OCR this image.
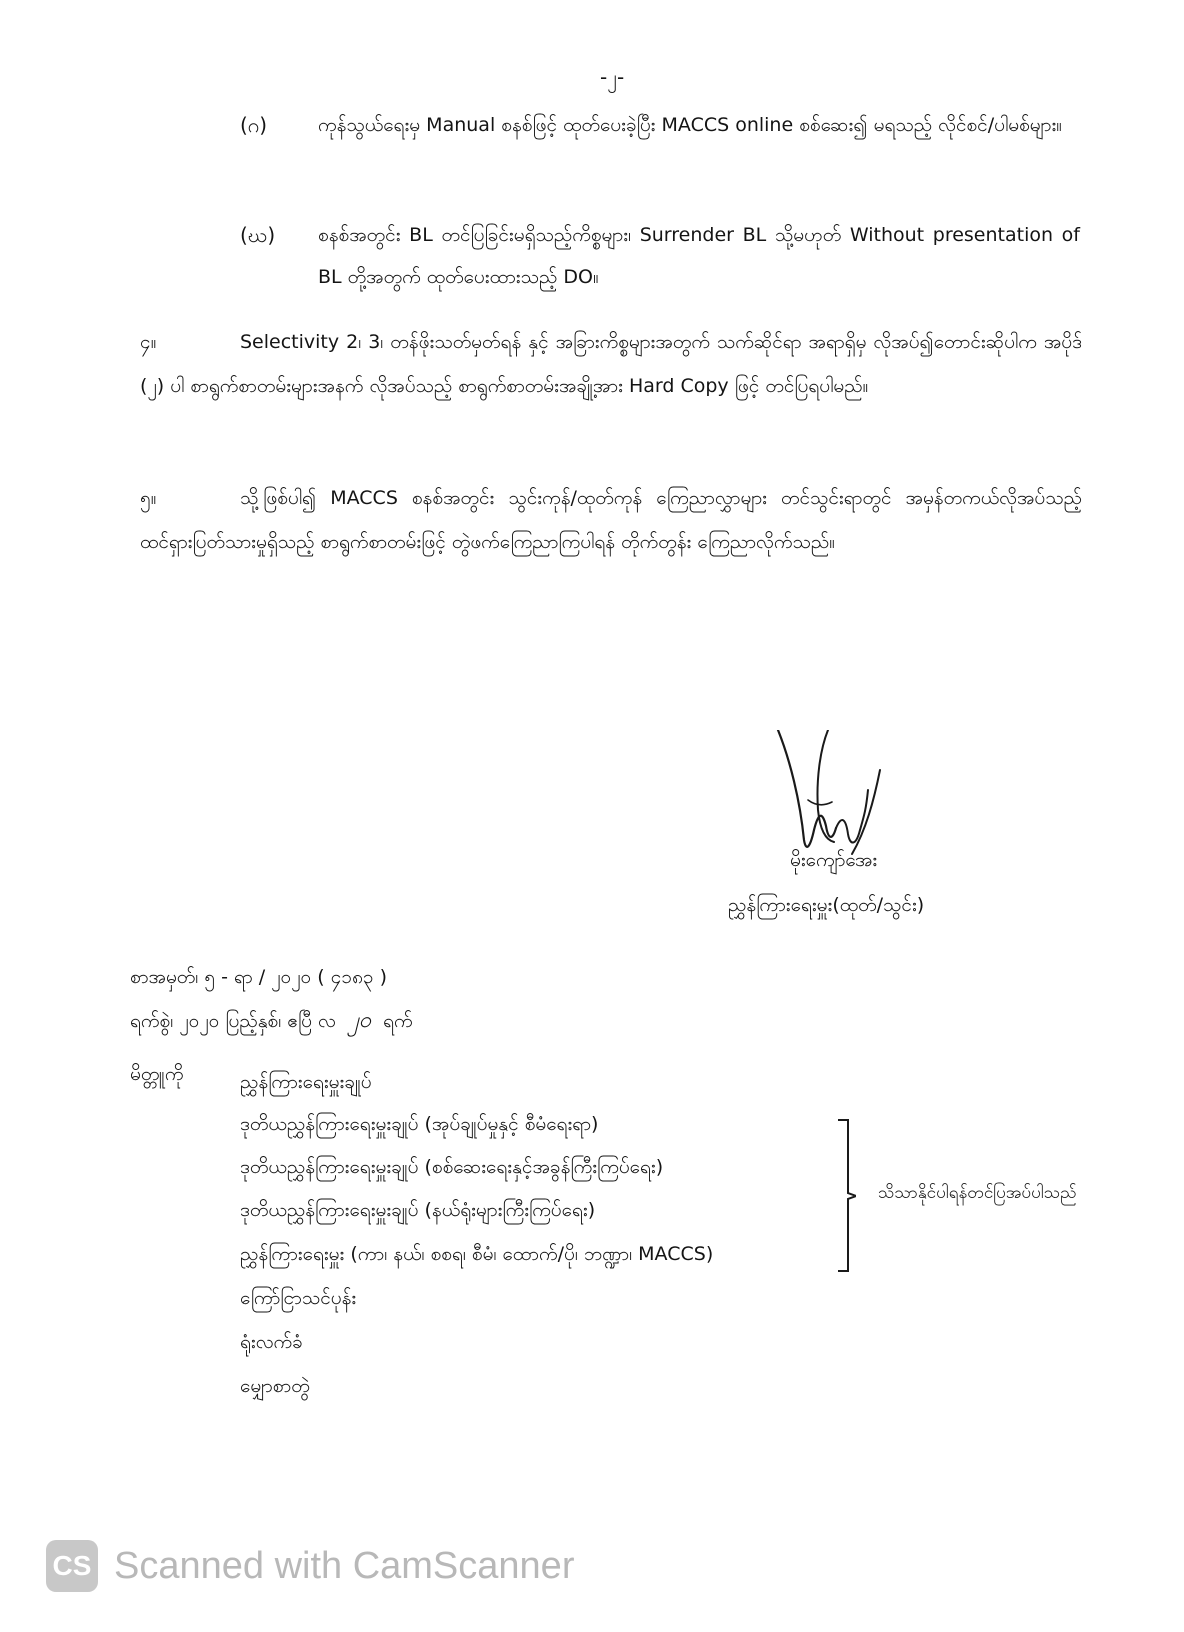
-၂-
(ဂ)	ကုန်သွယ်ရေးမှ Manual စနစ်ဖြင့် ထုတ်ပေးခဲ့ပြီး MACCS online စစ်ဆေး၍ မရသည့် လိုင်စင်/ပါမစ်များ။
(ဃ) စနစ်အတွင်း BL တင်ပြခြင်းမရှိသည့်ကိစ္စများ၊ Surrender BL သို့မဟုတ် Without presentation of BL တို့အတွက် ထုတ်ပေးထားသည့် DO။
၄။	Selectivity 2၊ 3၊ တန်ဖိုးသတ်မှတ်ရန် နှင့် အခြားကိစ္စများအတွက် သက်ဆိုင်ရာ အရာရှိမှ လိုအပ်၍တောင်းဆိုပါက အပိုဒ် (၂) ပါ စာရွက်စာတမ်းများအနက် လိုအပ်သည့် စာရွက်စာတမ်းအချို့အား Hard Copy ဖြင့် တင်ပြရပါမည်။
၅။	သို့ဖြစ်ပါ၍ MACCS စနစ်အတွင်း သွင်းကုန်/ထုတ်ကုန် ကြေညာလွှာများ တင်သွင်းရာတွင် အမှန်တကယ်လိုအပ်သည့် ထင်ရှားပြတ်သားမှုရှိသည့် စာရွက်စာတမ်းဖြင့် တွဲဖက်ကြေညာကြပါရန် တိုက်တွန်း ကြေညာလိုက်သည်။
မိုးကျော်အေး
ညွှန်ကြားရေးမှူး(ထုတ်/သွင်း)
စာအမှတ်၊ ၅ - ရာ / ၂၀၂၀ ( ၄၁၈၃ )
ရက်စွဲ၊ ၂၀၂၀ ပြည့်နှစ်၊ ဧပြီ လ ၂၀ ရက်
မိတ္တူကို	ညွှန်ကြားရေးမှူးချုပ်
ဒုတိယညွှန်ကြားရေးမှူးချုပ် (အုပ်ချုပ်မှုနှင့် စီမံရေးရာ)
ဒုတိယညွှန်ကြားရေးမှူးချုပ် (စစ်ဆေးရေးနှင့်အခွန်ကြီးကြပ်ရေး)
ဒုတိယညွှန်ကြားရေးမှူးချုပ် (နယ်ရုံးများကြီးကြပ်ရေး)
ညွှန်ကြားရေးမှူး (ကာ၊ နယ်၊ စစရ၊ စီမံ၊ ထောက်/ပို၊ ဘဏ္ဍာ၊ MACCS)
ကြော်ငြာသင်ပုန်း
ရုံးလက်ခံ
မျှောစာတွဲ
သိသာနိုင်ပါရန်တင်ပြအပ်ပါသည်
CS Scanned with CamScanner
